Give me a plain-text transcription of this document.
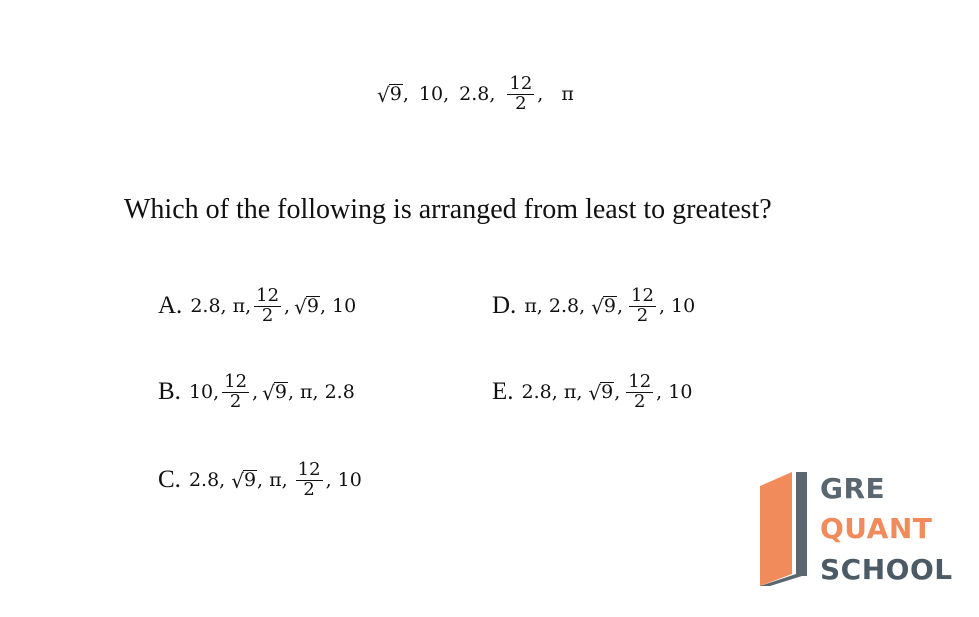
√ 9 , 10, 2.8, $\frac{12}{2}$ , π
Which of the following is arranged from least to greatest?
A. 2.8, π, $\frac{12}{2}$ , √ 9 , 10
B. 10, $\frac{12}{2}$ , √ 9 , π, 2.8
C. 2.8, √ 9 , π, $\frac{12}{2}$ , 10
D. π, 2.8, √ 9 , $\frac{12}{2}$ , 10
E. 2.8, π, √ 9 , $\frac{12}{2}$ , 10
GRE
QUANT
SCHOOL
